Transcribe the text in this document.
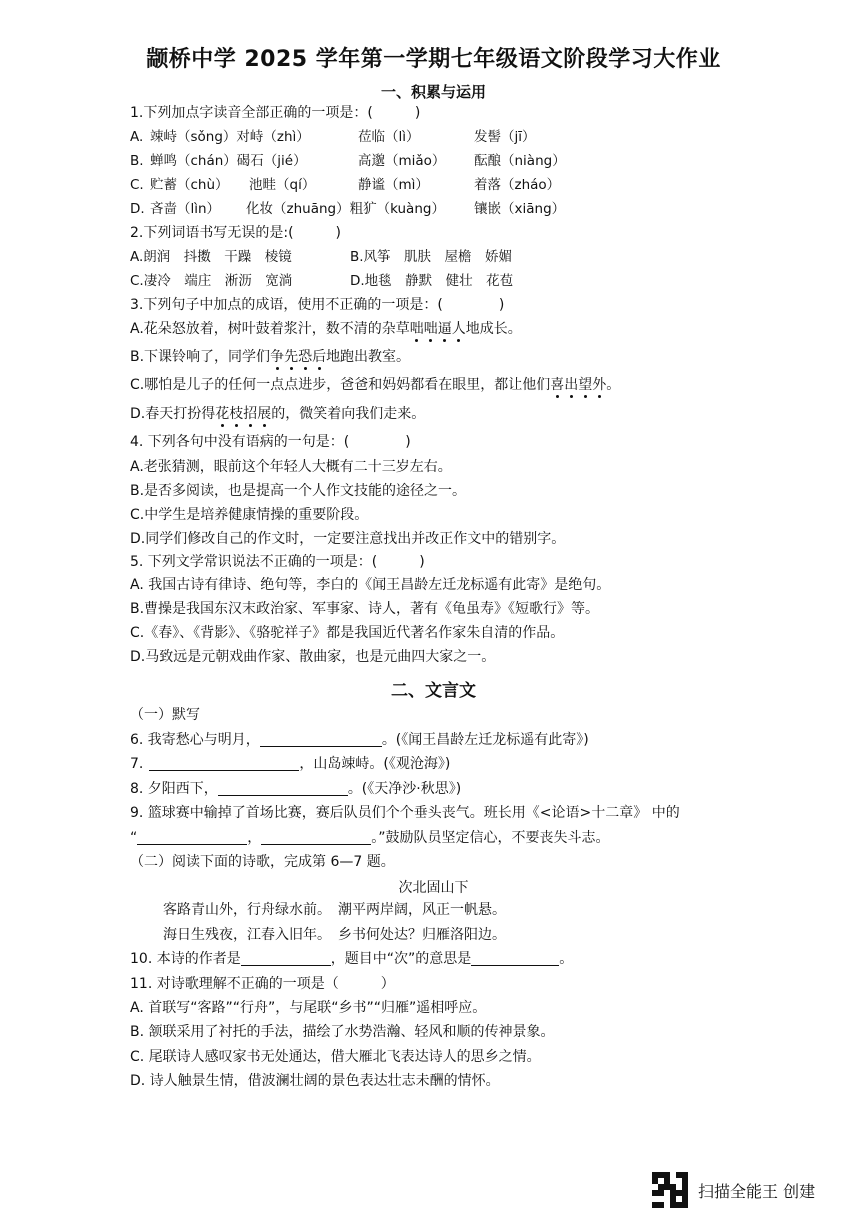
颛桥中学 2025 学年第一学期七年级语文阶段学习大作业
一、积累与运用
1.下列加点字读音全部正确的一项是：(　　　)
A. 竦峙（sǒng）对峙（zhì）	莅临（lì）	发髻（jī）
B. 蝉鸣（chán）碣石（jié）	高邈（miǎo） 酝酿（niàng）
C. 贮蓄（chù） 池畦（qí）	静谧（mì）	着落（zháo）
D. 吝啬（lìn） 化妆（zhuāng）粗犷（kuàng） 镶嵌（xiāng）
2.下列词语书写无误的是:(　　　)
A.朗润　抖擞　干躁　棱镜	B.风筝　肌肤　屋檐　娇媚
C.凄冷　端庄　淅沥　宽淌	D.地毯　静默　健壮　花苞
3.下列句子中加点的成语，使用不正确的一项是：(　　　　)
A.花朵怒放着，树叶鼓着浆汁，数不清的杂草咄咄逼人地成长。
B.下课铃响了，同学们争先恐后地跑出教室。
C.哪怕是儿子的任何一点点进步，爸爸和妈妈都看在眼里，都让他们喜出望外。
D.春天打扮得花枝招展的，微笑着向我们走来。
4. 下列各句中没有语病的一句是：(　　　　)
A.老张猜测，眼前这个年轻人大概有二十三岁左右。
B.是否多阅读，也是提高一个人作文技能的途径之一。
C.中学生是培养健康情操的重要阶段。
D.同学们修改自己的作文时，一定要注意找出并改正作文中的错别字。
5. 下列文学常识说法不正确的一项是：(　　　)
A. 我国古诗有律诗、绝句等，李白的《闻王昌龄左迁龙标遥有此寄》是绝句。
B.曹操是我国东汉末政治家、军事家、诗人，著有《龟虽寿》《短歌行》等。
C.《春》、《背影》、《骆驼祥子》都是我国近代著名作家朱自清的作品。
D.马致远是元朝戏曲作家、散曲家，也是元曲四大家之一。
二、文言文
（一）默写
6. 我寄愁心与明月，	。(《闻王昌龄左迁龙标遥有此寄》)
7.	，山岛竦峙。(《观沧海》)
8. 夕阳西下，	。(《天净沙·秋思》)
9. 篮球赛中输掉了首场比赛，赛后队员们个个垂头丧气。班长用《<论语>十二章》 中的
“	，	。”鼓励队员坚定信心，不要丧失斗志。
（二）阅读下面的诗歌，完成第 6—7 题。
次北固山下
客路青山外，行舟绿水前。　潮平两岸阔，风正一帆悬。
海日生残夜，江春入旧年。　乡书何处达？归雁洛阳边。
10. 本诗的作者是	，题目中“次”的意思是	。
11. 对诗歌理解不正确的一项是（　　　）
A. 首联写“客路”“行舟”，与尾联“乡书”“归雁”遥相呼应。
B. 颔联采用了衬托的手法，描绘了水势浩瀚、轻风和顺的传神景象。
C. 尾联诗人感叹家书无处通达，借大雁北飞表达诗人的思乡之情。
D. 诗人触景生情，借波澜壮阔的景色表达壮志未酬的情怀。
扫描全能王 创建
